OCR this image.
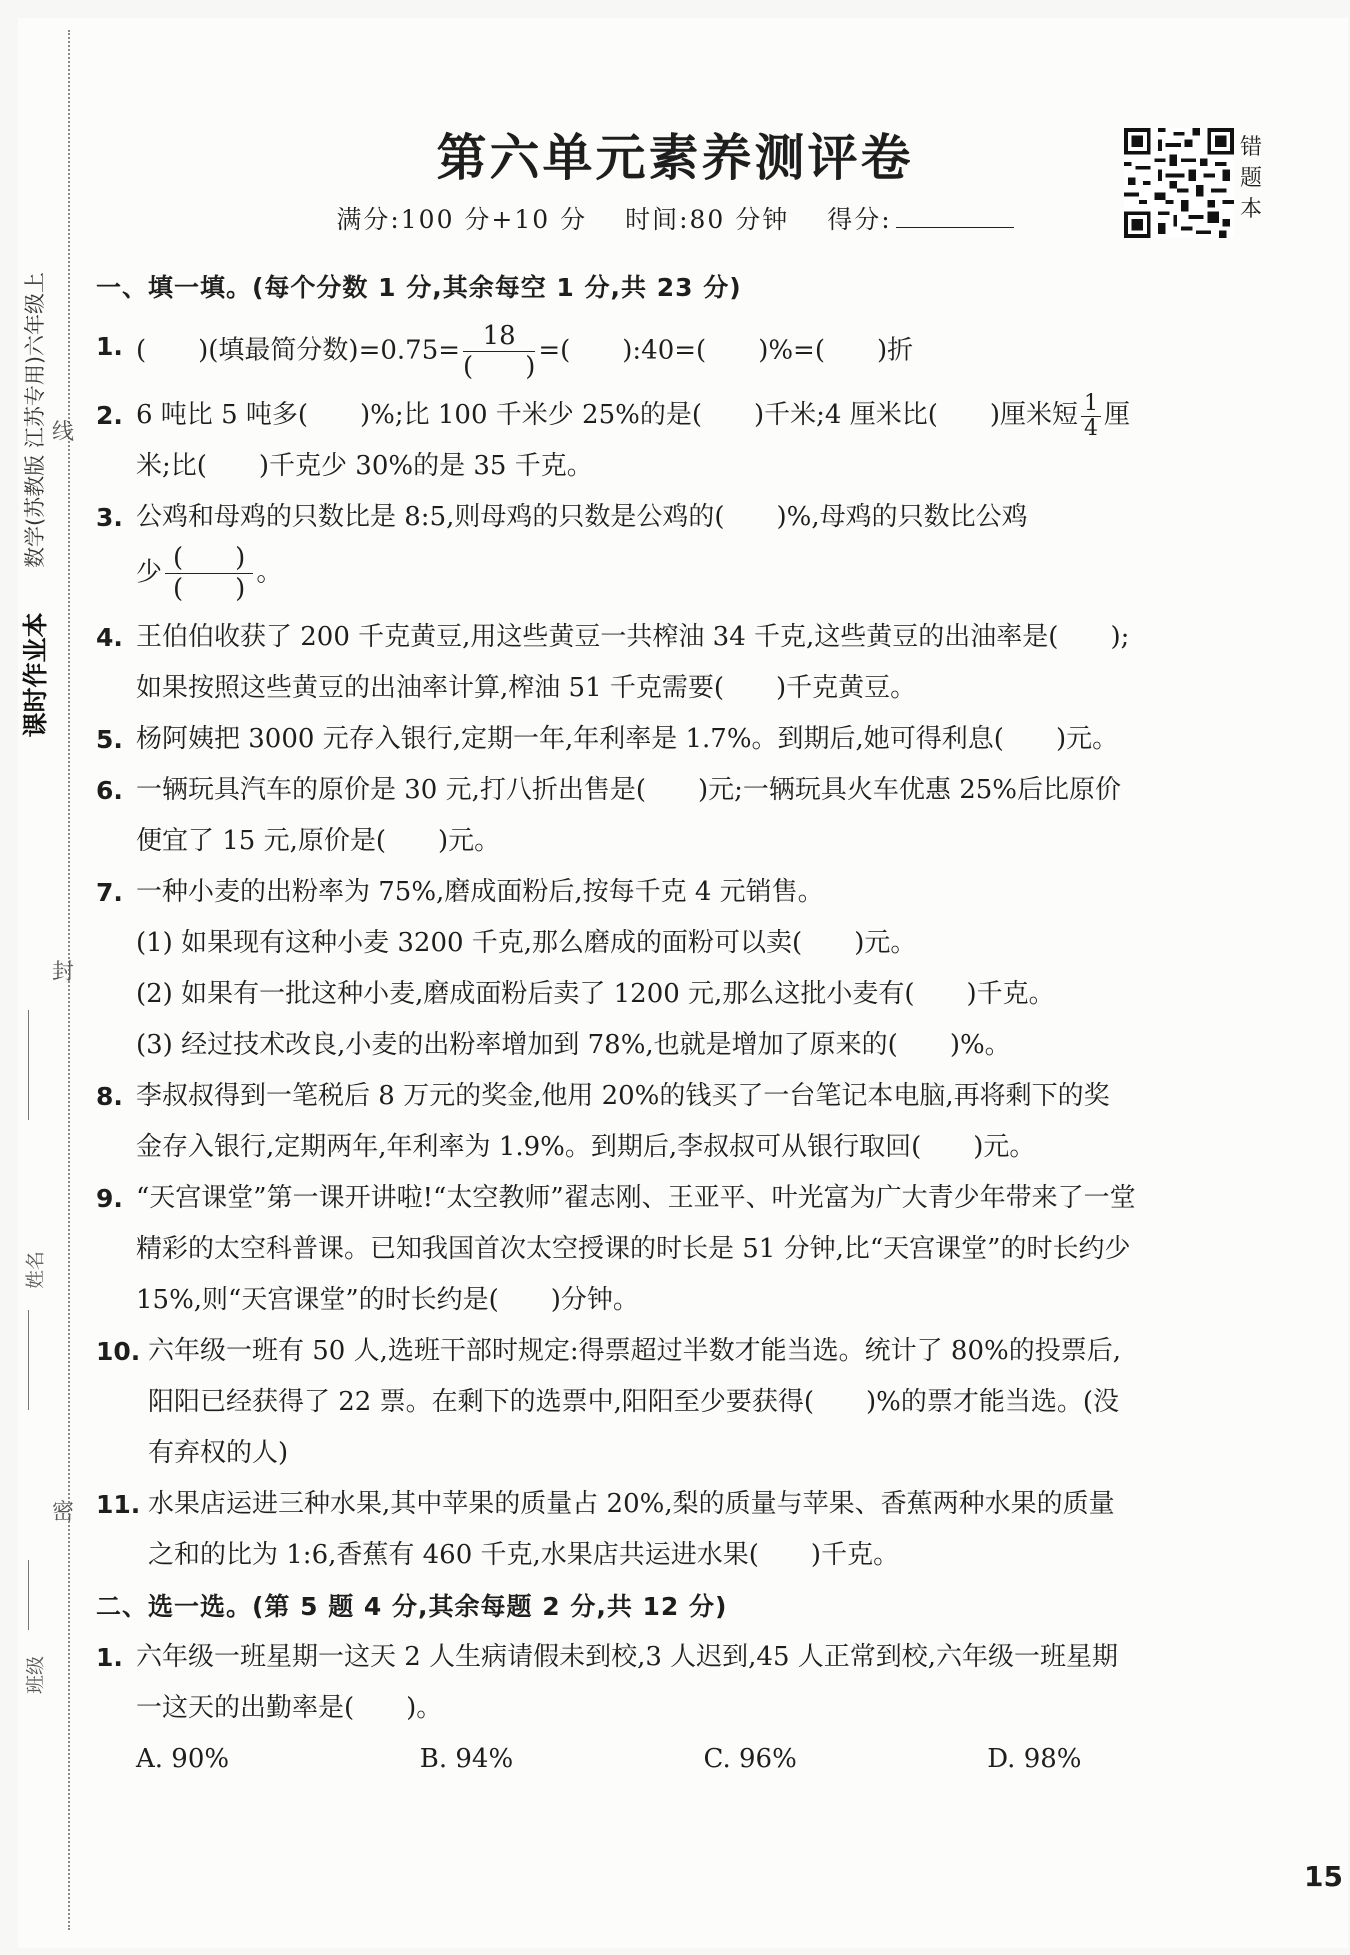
数学(苏教版 江苏专用)六年级上
课时作业本
线
封
密
姓名
班级
第六单元素养测评卷
满分:100 分+10 分 时间:80 分钟 得分:
错题本
一、填一填。(每个分数 1 分,其余每空 1 分,共 23 分)
1. (　　)(填最简分数)$=0.75= \frac{18}{( )}$ =(　　):40=(　　)%=(　　)折
2. 6 吨比 5 吨多(　　)%;比 100 千米少 25%的是(　　)千米;4 厘米比(　　)厘米短 $\frac{1}{4}$ 厘
米;比(　　)千克少 30%的是 35 千克。
3. 公鸡和母鸡的只数比是 8:5,则母鸡的只数是公鸡的(　　)%,母鸡的只数比公鸡
少 $\frac{( )}{( )}$ 。
4. 王伯伯收获了 200 千克黄豆,用这些黄豆一共榨油 34 千克,这些黄豆的出油率是(　　);
如果按照这些黄豆的出油率计算,榨油 51 千克需要(　　)千克黄豆。
5. 杨阿姨把 3000 元存入银行,定期一年,年利率是 1.7%。到期后,她可得利息(　　)元。
6. 一辆玩具汽车的原价是 30 元,打八折出售是(　　)元;一辆玩具火车优惠 25%后比原价
便宜了 15 元,原价是(　　)元。
7. 一种小麦的出粉率为 75%,磨成面粉后,按每千克 4 元销售。
(1) 如果现有这种小麦 3200 千克,那么磨成的面粉可以卖(　　)元。
(2) 如果有一批这种小麦,磨成面粉后卖了 1200 元,那么这批小麦有(　　)千克。
(3) 经过技术改良,小麦的出粉率增加到 78%,也就是增加了原来的(　　)%。
8. 李叔叔得到一笔税后 8 万元的奖金,他用 20%的钱买了一台笔记本电脑,再将剩下的奖
金存入银行,定期两年,年利率为 1.9%。到期后,李叔叔可从银行取回(　　)元。
9. “天宫课堂”第一课开讲啦!“太空教师”翟志刚、王亚平、叶光富为广大青少年带来了一堂
精彩的太空科普课。已知我国首次太空授课的时长是 51 分钟,比“天宫课堂”的时长约少
15%,则“天宫课堂”的时长约是(　　)分钟。
10. 六年级一班有 50 人,选班干部时规定:得票超过半数才能当选。统计了 80%的投票后,
阳阳已经获得了 22 票。在剩下的选票中,阳阳至少要获得(　　)%的票才能当选。(没
有弃权的人)
11. 水果店运进三种水果,其中苹果的质量占 20%,梨的质量与苹果、香蕉两种水果的质量
之和的比为 1:6,香蕉有 460 千克,水果店共运进水果(　　)千克。
二、选一选。(第 5 题 4 分,其余每题 2 分,共 12 分)
1. 六年级一班星期一这天 2 人生病请假未到校,3 人迟到,45 人正常到校,六年级一班星期
一这天的出勤率是(　　)。
A. 90%	B. 94%	C. 96%	D. 98%
15
